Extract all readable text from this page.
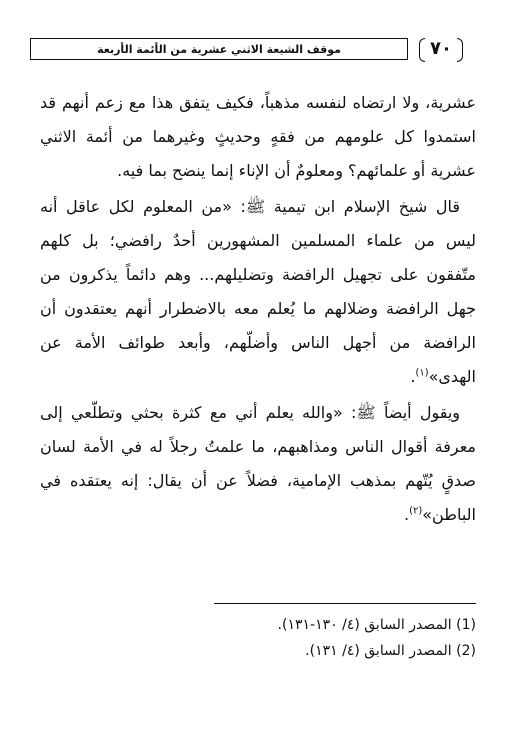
موقف الشيعة الاثني عشرية من الأئمة الأربعة	٧٠

عشرية، ولا ارتضاه لنفسه مذهباً، فكيف يتفق هذا مع زعم أنهم قد استمدوا كل علومهم من فقهٍ وحديثٍ وغيرهما من أئمة الاثني عشرية أو علمائهم؟ ومعلومٌ أن الإناء إنما ينضح بما فيه.

قال شيخ الإسلام ابن تيمية ﷺ: «من المعلوم لكل عاقل أنه ليس من علماء المسلمين المشهورين أحدٌ رافضي؛ بل كلهم متّفقون على تجهيل الرافضة وتضليلهم... وهم دائماً يذكرون من جهل الرافضة وضلالهم ما يُعلم معه بالاضطرار أنهم يعتقدون أن الرافضة من أجهل الناس وأضلّهم، وأبعد طوائف الأمة عن الهدى»$^{(١)}$.

ويقول أيضاً ﷺ: «والله يعلم أني مع كثرة بحثي وتطلّعي إلى معرفة أقوال الناس ومذاهبهم، ما علمتُ رجلاً له في الأمة لسان صدقٍ يُتّهم بمذهب الإمامية، فضلاً عن أن يقال: إنه يعتقده في الباطن»$^{(٢)}$.

(1) المصدر السابق (٤/ ١٣٠-١٣١).
(2) المصدر السابق (٤/ ١٣١).
